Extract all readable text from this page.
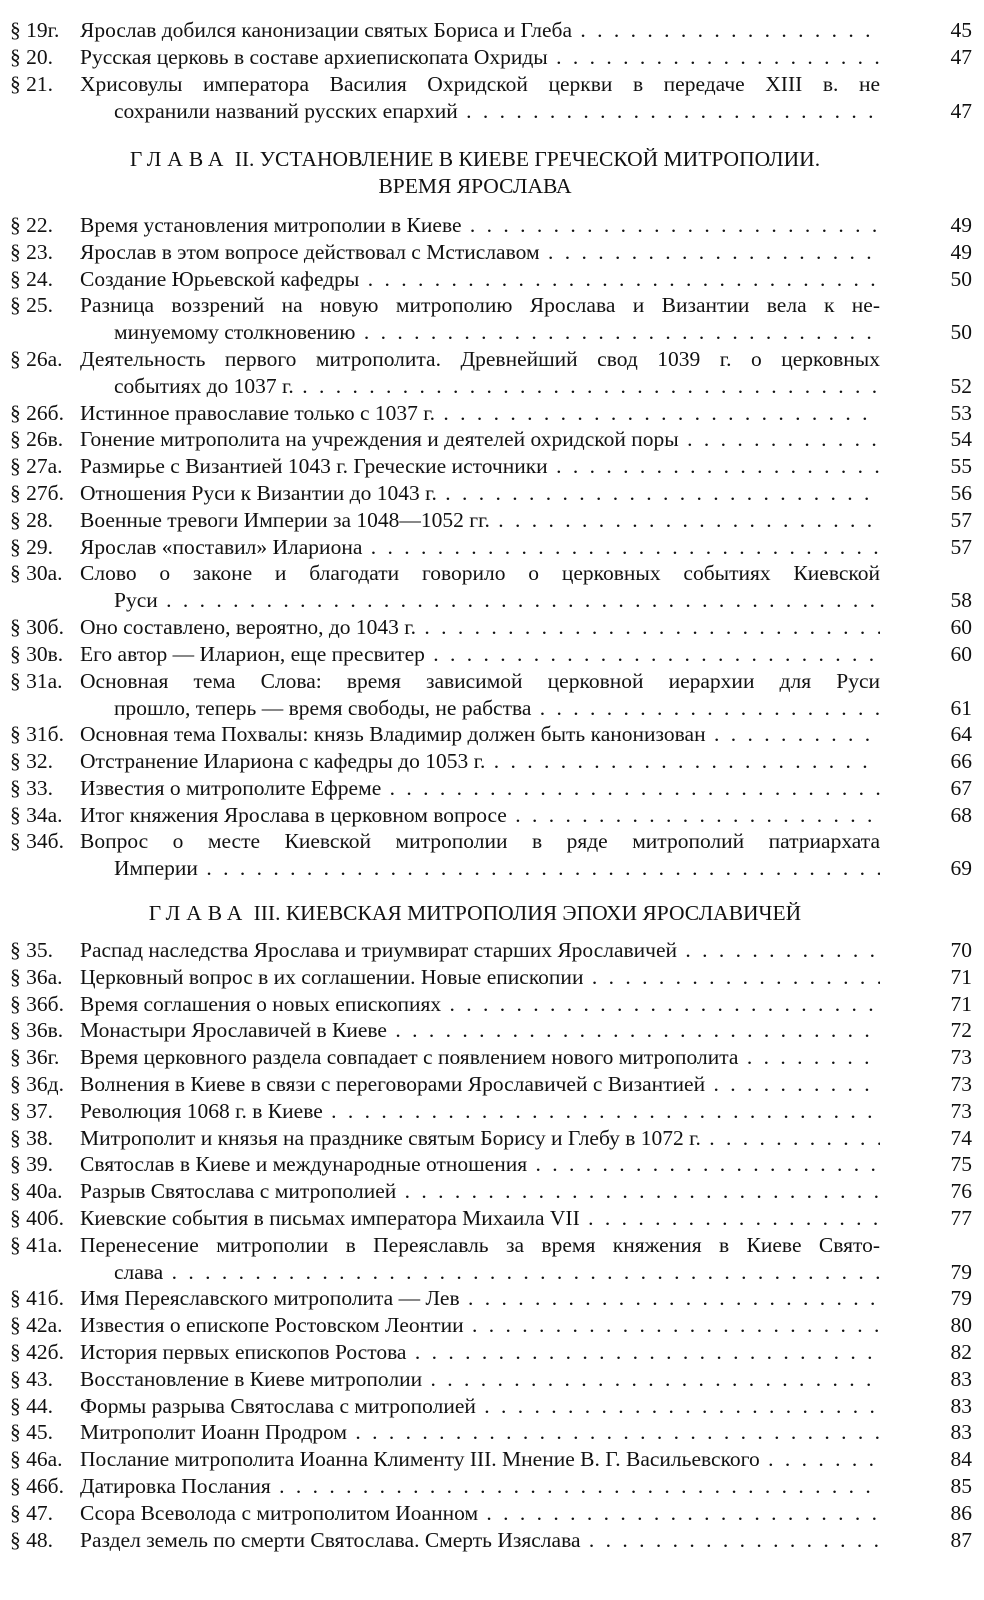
§ 19г. Ярослав добился канонизации святых Бориса и Глеба . . .	45
§ 20. Русская церковь в составе архиепископата Охриды . . .	47
§ 21. Хрисовулы императора Василия Охридской церкви в передаче XIII в. не
сохранили названий русских епархий . . .	47
ГЛАВА II. УСТАНОВЛЕНИЕ В КИЕВЕ ГРЕЧЕСКОЙ МИТРОПОЛИИ.
ВРЕМЯ ЯРОСЛАВА
§ 22. Время установления митрополии в Киеве . . .	49
§ 23. Ярослав в этом вопросе действовал с Мстиславом . . .	49
§ 24. Создание Юрьевской кафедры . . .	50
§ 25. Разница воззрений на новую митрополию Ярослава и Византии вела к не-
минуемому столкновению . . .	50
§ 26а. Деятельность первого митрополита. Древнейший свод 1039 г. о церковных
событиях до 1037 г. . . .	52
§ 26б. Истинное православие только с 1037 г. . . .	53
§ 26в. Гонение митрополита на учреждения и деятелей охридской поры . . .	54
§ 27а. Размирье с Византией 1043 г. Греческие источники . . .	55
§ 27б. Отношения Руси к Византии до 1043 г. . . .	56
§ 28. Военные тревоги Империи за 1048—1052 гг. . . .	57
§ 29. Ярослав «поставил» Илариона . . .	57
§ 30а. Слово о законе и благодати говорило о церковных событиях Киевской
Руси . . .	58
§ 30б. Оно составлено, вероятно, до 1043 г. . . .	60
§ 30в. Его автор — Иларион, еще пресвитер . . .	60
§ 31а. Основная тема Слова: время зависимой церковной иерархии для Руси
прошло, теперь — время свободы, не рабства . . .	61
§ 31б. Основная тема Похвалы: князь Владимир должен быть канонизован . . .	64
§ 32. Отстранение Илариона с кафедры до 1053 г. . . .	66
§ 33. Известия о митрополите Ефреме . . .	67
§ 34а. Итог княжения Ярослава в церковном вопросе . . .	68
§ 34б. Вопрос о месте Киевской митрополии в ряде митрополий патриархата
Империи . . .	69
ГЛАВА III. КИЕВСКАЯ МИТРОПОЛИЯ ЭПОХИ ЯРОСЛАВИЧЕЙ
§ 35. Распад наследства Ярослава и триумвират старших Ярославичей . . .	70
§ 36а. Церковный вопрос в их соглашении. Новые епископии . . .	71
§ 36б. Время соглашения о новых епископиях . . .	71
§ 36в. Монастыри Ярославичей в Киеве . . .	72
§ 36г. Время церковного раздела совпадает с появлением нового митрополита . . .	73
§ 36д. Волнения в Киеве в связи с переговорами Ярославичей с Византией . . .	73
§ 37. Революция 1068 г. в Киеве . . .	73
§ 38. Митрополит и князья на празднике святым Борису и Глебу в 1072 г. . . .	74
§ 39. Святослав в Киеве и международные отношения . . .	75
§ 40а. Разрыв Святослава с митрополией . . .	76
§ 40б. Киевские события в письмах императора Михаила VII . . .	77
§ 41а. Перенесение митрополии в Переяславль за время княжения в Киеве Свято-
слава . . .	79
§ 41б. Имя Переяславского митрополита — Лев . . .	79
§ 42а. Известия о епископе Ростовском Леонтии . . .	80
§ 42б. История первых епископов Ростова . . .	82
§ 43. Восстановление в Киеве митрополии . . .	83
§ 44. Формы разрыва Святослава с митрополией . . .	83
§ 45. Митрополит Иоанн Продром . . .	83
§ 46а. Послание митрополита Иоанна Клименту III. Мнение В. Г. Васильевского . . .	84
§ 46б. Датировка Послания . . .	85
§ 47. Ссора Всеволода с митрополитом Иоанном . . .	86
§ 48. Раздел земель по смерти Святослава. Смерть Изяслава . . .	87
